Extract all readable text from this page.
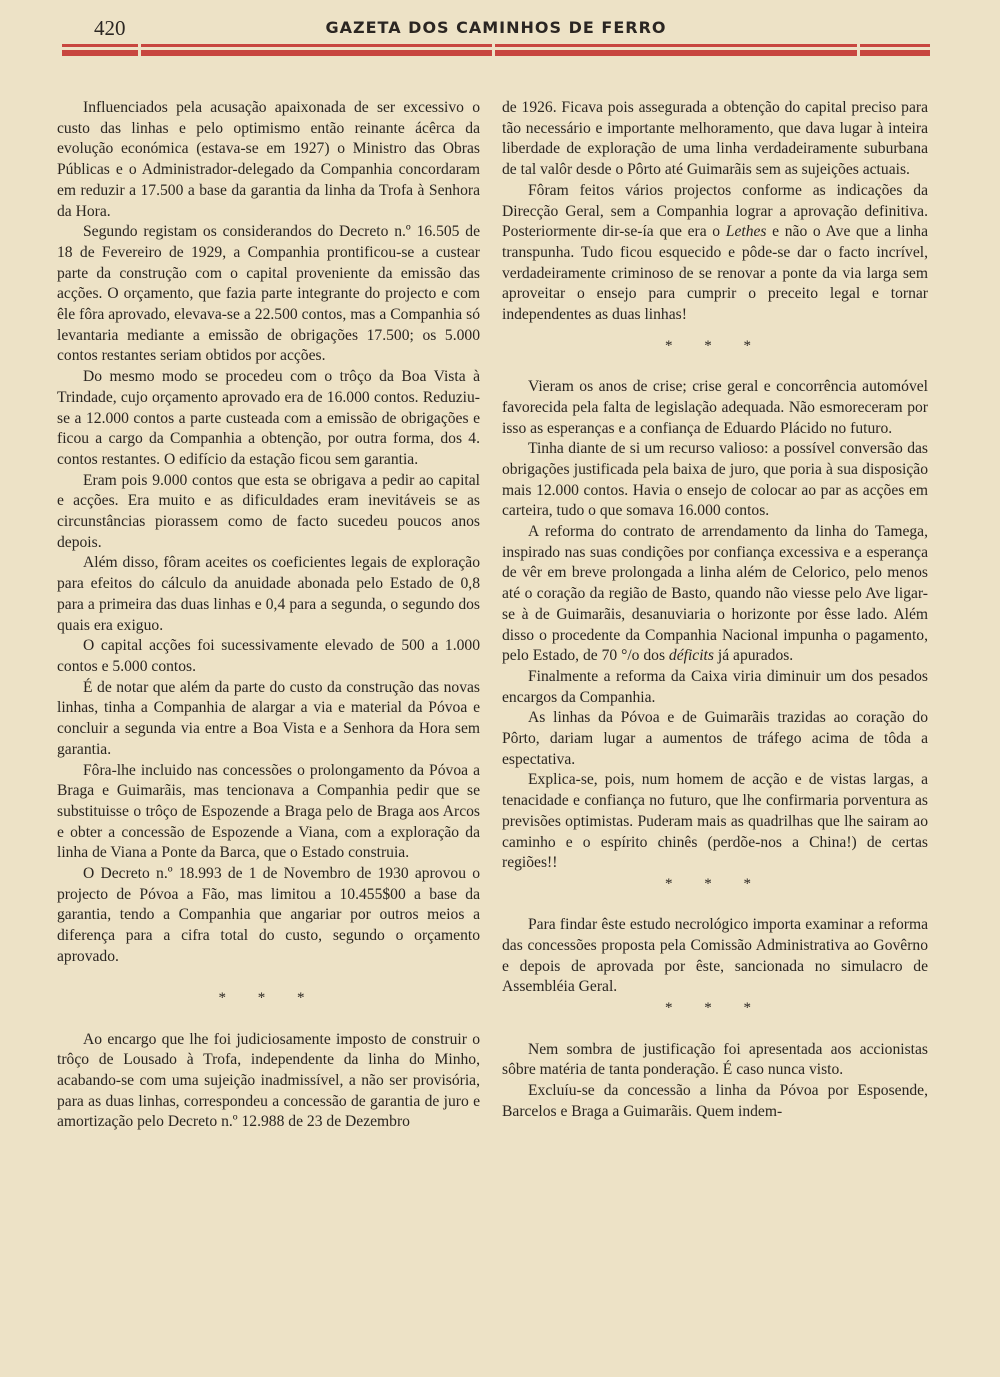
420	GAZETA DOS CAMINHOS DE FERRO

Influenciados pela acusação apaixonada de ser excessivo o custo das linhas e pelo optimismo então reinante ácêrca da evolução económica (estava-se em 1927) o Ministro das Obras Públicas e o Administrador-delegado da Companhia concordaram em reduzir a 17.500 a base da garantia da linha da Trofa à Senhora da Hora.

Segundo registam os considerandos do Decreto n.º 16.505 de 18 de Fevereiro de 1929, a Companhia prontificou-se a custear parte da construção com o capital proveniente da emissão das acções. O orçamento, que fazia parte integrante do projecto e com êle fôra aprovado, elevava-se a 22.500 contos, mas a Companhia só levantaria mediante a emissão de obrigações 17.500; os 5.000 contos restantes seriam obtidos por acções.

Do mesmo modo se procedeu com o trôço da Boa Vista à Trindade, cujo orçamento aprovado era de 16.000 contos. Reduziu-se a 12.000 contos a parte custeada com a emissão de obrigações e ficou a cargo da Companhia a obtenção, por outra forma, dos 4. contos restantes. O edifício da estação ficou sem garantia.

Eram pois 9.000 contos que esta se obrigava a pedir ao capital e acções. Era muito e as dificuldades eram inevitáveis se as circunstâncias piorassem como de facto sucedeu poucos anos depois.

Além disso, fôram aceites os coeficientes legais de exploração para efeitos do cálculo da anuidade abonada pelo Estado de 0,8 para a primeira das duas linhas e 0,4 para a segunda, o segundo dos quais era exiguo.

O capital acções foi sucessivamente elevado de 500 a 1.000 contos e 5.000 contos.

É de notar que além da parte do custo da construção das novas linhas, tinha a Companhia de alargar a via e material da Póvoa e concluir a segunda via entre a Boa Vista e a Senhora da Hora sem garantia.

Fôra-lhe incluido nas concessões o prolongamento da Póvoa a Braga e Guimarãis, mas tencionava a Companhia pedir que se substituisse o trôço de Espozende a Braga pelo de Braga aos Arcos e obter a concessão de Espozende a Viana, com a exploração da linha de Viana a Ponte da Barca, que o Estado construia.

O Decreto n.º 18.993 de 1 de Novembro de 1930 aprovou o projecto de Póvoa a Fão, mas limitou a 10.455$00 a base da garantia, tendo a Companhia que angariar por outros meios a diferença para a cifra total do custo, segundo o orçamento aprovado.

* * *

Ao encargo que lhe foi judiciosamente imposto de construir o trôço de Lousado à Trofa, independente da linha do Minho, acabando-se com uma sujeição inadmissível, a não ser provisória, para as duas linhas, correspondeu a concessão de garantia de juro e amortização pelo Decreto n.º 12.988 de 23 de Dezembro

de 1926. Ficava pois assegurada a obtenção do capital preciso para tão necessário e importante melhoramento, que dava lugar à inteira liberdade de exploração de uma linha verdadeiramente suburbana de tal valôr desde o Pôrto até Guimarãis sem as sujeições actuais.

Fôram feitos vários projectos conforme as indicações da Direcção Geral, sem a Companhia lograr a aprovação definitiva. Posteriormente dir-se-ía que era o Lethes e não o Ave que a linha transpunha. Tudo ficou esquecido e pôde-se dar o facto incrível, verdadeiramente criminoso de se renovar a ponte da via larga sem aproveitar o ensejo para cumprir o preceito legal e tornar independentes as duas linhas!

* * *

Vieram os anos de crise; crise geral e concorrência automóvel favorecida pela falta de legislação adequada. Não esmoreceram por isso as esperanças e a confiança de Eduardo Plácido no futuro.

Tinha diante de si um recurso valioso: a possível conversão das obrigações justificada pela baixa de juro, que poria à sua disposição mais 12.000 contos. Havia o ensejo de colocar ao par as acções em carteira, tudo o que somava 16.000 contos.

A reforma do contrato de arrendamento da linha do Tamega, inspirado nas suas condições por confiança excessiva e a esperança de vêr em breve prolongada a linha além de Celorico, pelo menos até o coração da região de Basto, quando não viesse pelo Ave ligar-se à de Guimarãis, desanuviaria o horizonte por êsse lado. Além disso o procedente da Companhia Nacional impunha o pagamento, pelo Estado, de 70 °/o dos déficits já apurados.

Finalmente a reforma da Caixa viria diminuir um dos pesados encargos da Companhia.

As linhas da Póvoa e de Guimarãis trazidas ao coração do Pôrto, dariam lugar a aumentos de tráfego acima de tôda a espectativa.

Explica-se, pois, num homem de acção e de vistas largas, a tenacidade e confiança no futuro, que lhe confirmaria porventura as previsões optimistas. Puderam mais as quadrilhas que lhe sairam ao caminho e o espírito chinês (perdõe-nos a China!) de certas regiões!!

* * *

Para findar êste estudo necrológico importa examinar a reforma das concessões proposta pela Comissão Administrativa ao Govêrno e depois de aprovada por êste, sancionada no simulacro de Assembléia Geral.

* * *

Nem sombra de justificação foi apresentada aos accionistas sôbre matéria de tanta ponderação. É caso nunca visto.

Excluíu-se da concessão a linha da Póvoa por Esposende, Barcelos e Braga a Guimarãis. Quem indem-
